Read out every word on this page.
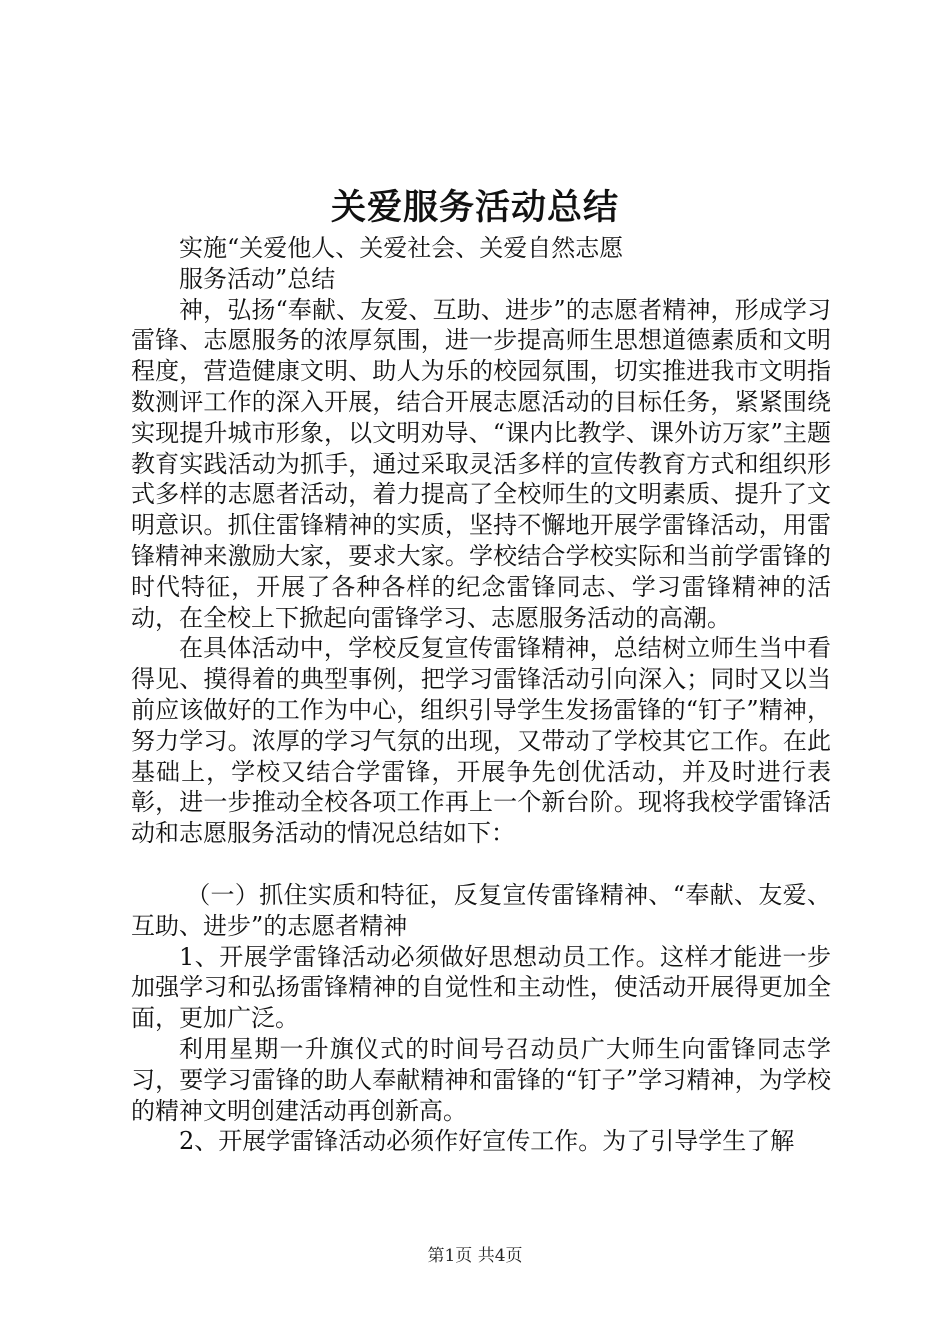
关爱服务活动总结

实施“关爱他人、关爱社会、关爱自然志愿

服务活动”总结

神，弘扬“奉献、友爱、互助、进步”的志愿者精神，形成学习雷锋、志愿服务的浓厚氛围，进一步提高师生思想道德素质和文明程度，营造健康文明、助人为乐的校园氛围，切实推进我市文明指数测评工作的深入开展，结合开展志愿活动的目标任务，紧紧围绕实现提升城市形象，以文明劝导、“课内比教学、课外访万家”主题教育实践活动为抓手，通过采取灵活多样的宣传教育方式和组织形式多样的志愿者活动，着力提高了全校师生的文明素质、提升了文明意识。抓住雷锋精神的实质，坚持不懈地开展学雷锋活动，用雷锋精神来激励大家，要求大家。学校结合学校实际和当前学雷锋的时代特征，开展了各种各样的纪念雷锋同志、学习雷锋精神的活动，在全校上下掀起向雷锋学习、志愿服务活动的高潮。

在具体活动中，学校反复宣传雷锋精神，总结树立师生当中看得见、摸得着的典型事例，把学习雷锋活动引向深入；同时又以当前应该做好的工作为中心，组织引导学生发扬雷锋的“钉子”精神，努力学习。浓厚的学习气氛的出现，又带动了学校其它工作。在此基础上，学校又结合学雷锋，开展争先创优活动，并及时进行表彰，进一步推动全校各项工作再上一个新台阶。现将我校学雷锋活动和志愿服务活动的情况总结如下：

（一）抓住实质和特征，反复宣传雷锋精神、“奉献、友爱、互助、进步”的志愿者精神

1、开展学雷锋活动必须做好思想动员工作。这样才能进一步加强学习和弘扬雷锋精神的自觉性和主动性，使活动开展得更加全面，更加广泛。

利用星期一升旗仪式的时间号召动员广大师生向雷锋同志学习，要学习雷锋的助人奉献精神和雷锋的“钉子”学习精神，为学校的精神文明创建活动再创新高。

2、开展学雷锋活动必须作好宣传工作。为了引导学生了解

第1页 共4页
